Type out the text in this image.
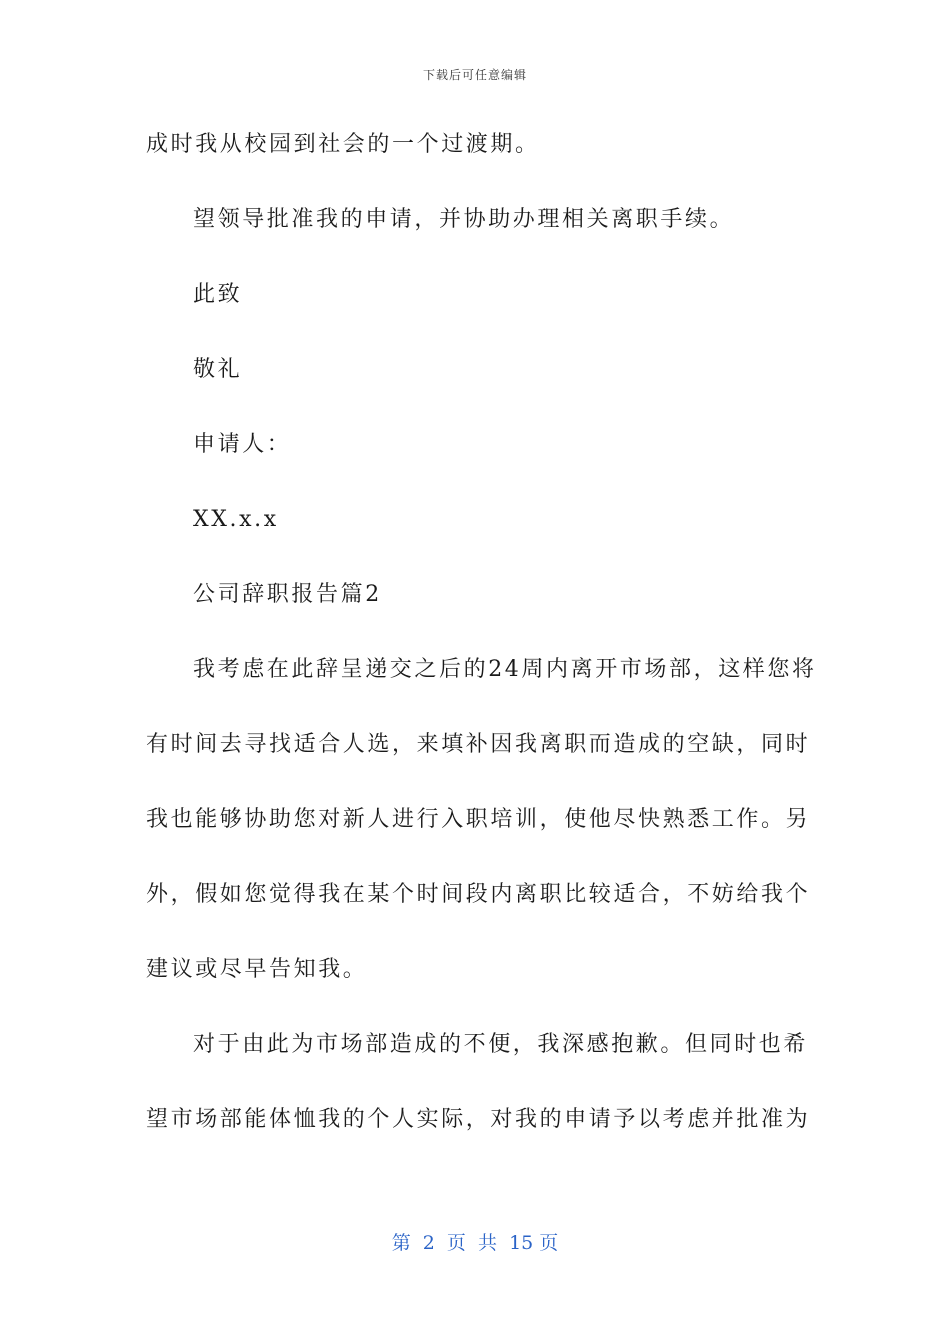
下载后可任意编辑
成时我从校园到社会的一个过渡期。
望领导批准我的申请，并协助办理相关离职手续。
此致
敬礼
申请人：
XX.x.x
公司辞职报告篇2
我考虑在此辞呈递交之后的24周内离开市场部，这样您将
有时间去寻找适合人选，来填补因我离职而造成的空缺，同时
我也能够协助您对新人进行入职培训，使他尽快熟悉工作。另
外，假如您觉得我在某个时间段内离职比较适合，不妨给我个
建议或尽早告知我。
对于由此为市场部造成的不便，我深感抱歉。但同时也希
望市场部能体恤我的个人实际，对我的申请予以考虑并批准为
第  2  页  共  15 页
